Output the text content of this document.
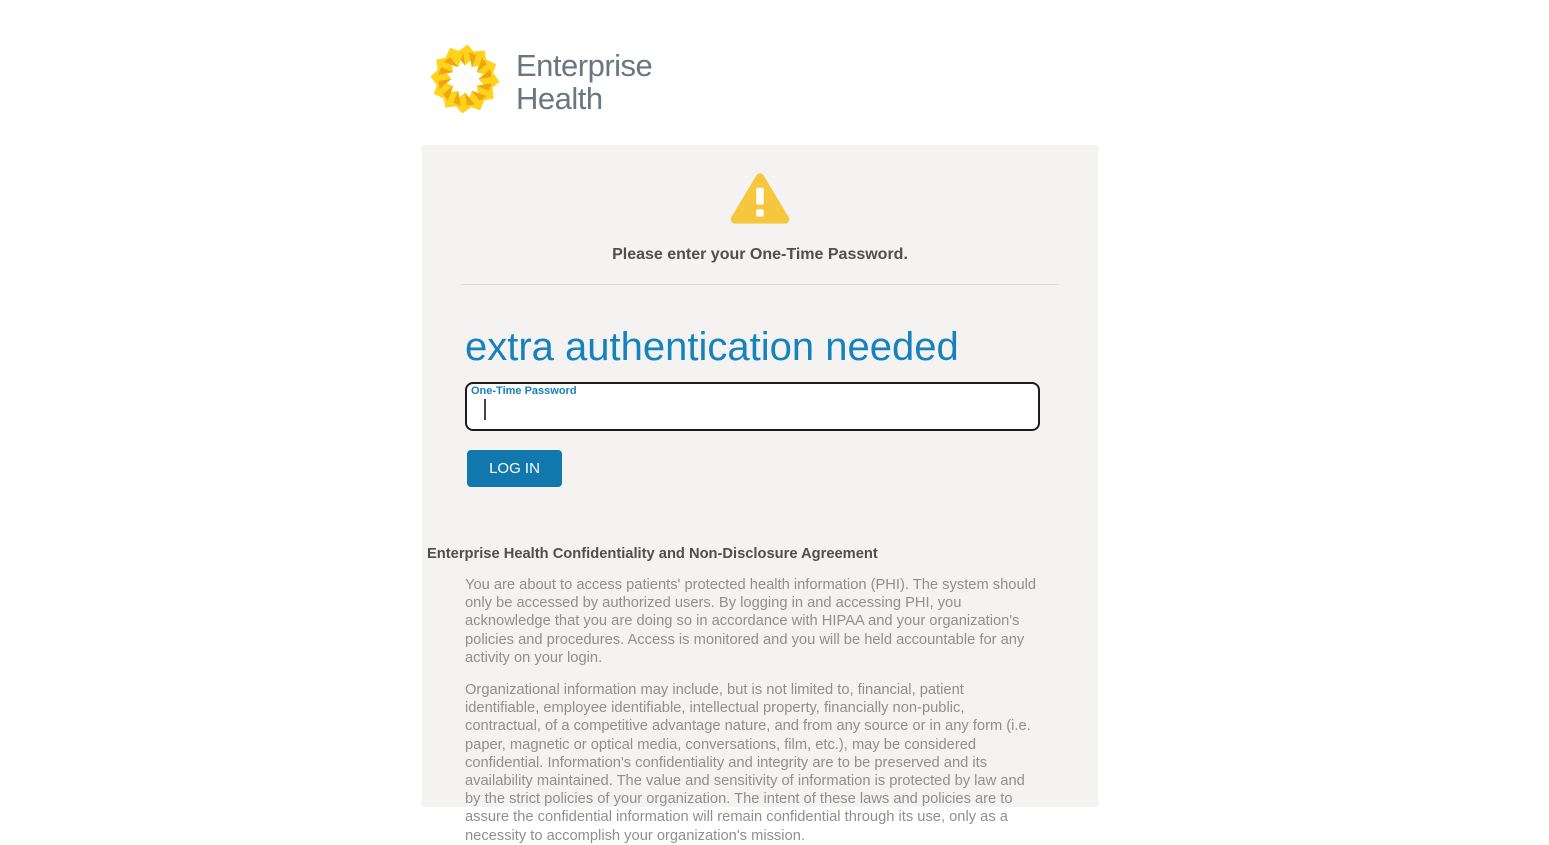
Enterprise
Health
Please enter your One-Time Password.
extra authentication needed
One-Time Password
LOG IN
Enterprise Health Confidentiality and Non-Disclosure Agreement

You are about to access patients' protected health information (PHI). The system should only be accessed by authorized users. By logging in and accessing PHI, you acknowledge that you are doing so in accordance with HIPAA and your organization's policies and procedures. Access is monitored and you will be held accountable for any activity on your login.

Organizational information may include, but is not limited to, financial, patient identifiable, employee identifiable, intellectual property, financially non-public, contractual, of a competitive advantage nature, and from any source or in any form (i.e. paper, magnetic or optical media, conversations, film, etc.), may be considered confidential. Information's confidentiality and integrity are to be preserved and its availability maintained. The value and sensitivity of information is protected by law and by the strict policies of your organization. The intent of these laws and policies are to assure the confidential information will remain confidential through its use, only as a necessity to accomplish your organization's mission.
